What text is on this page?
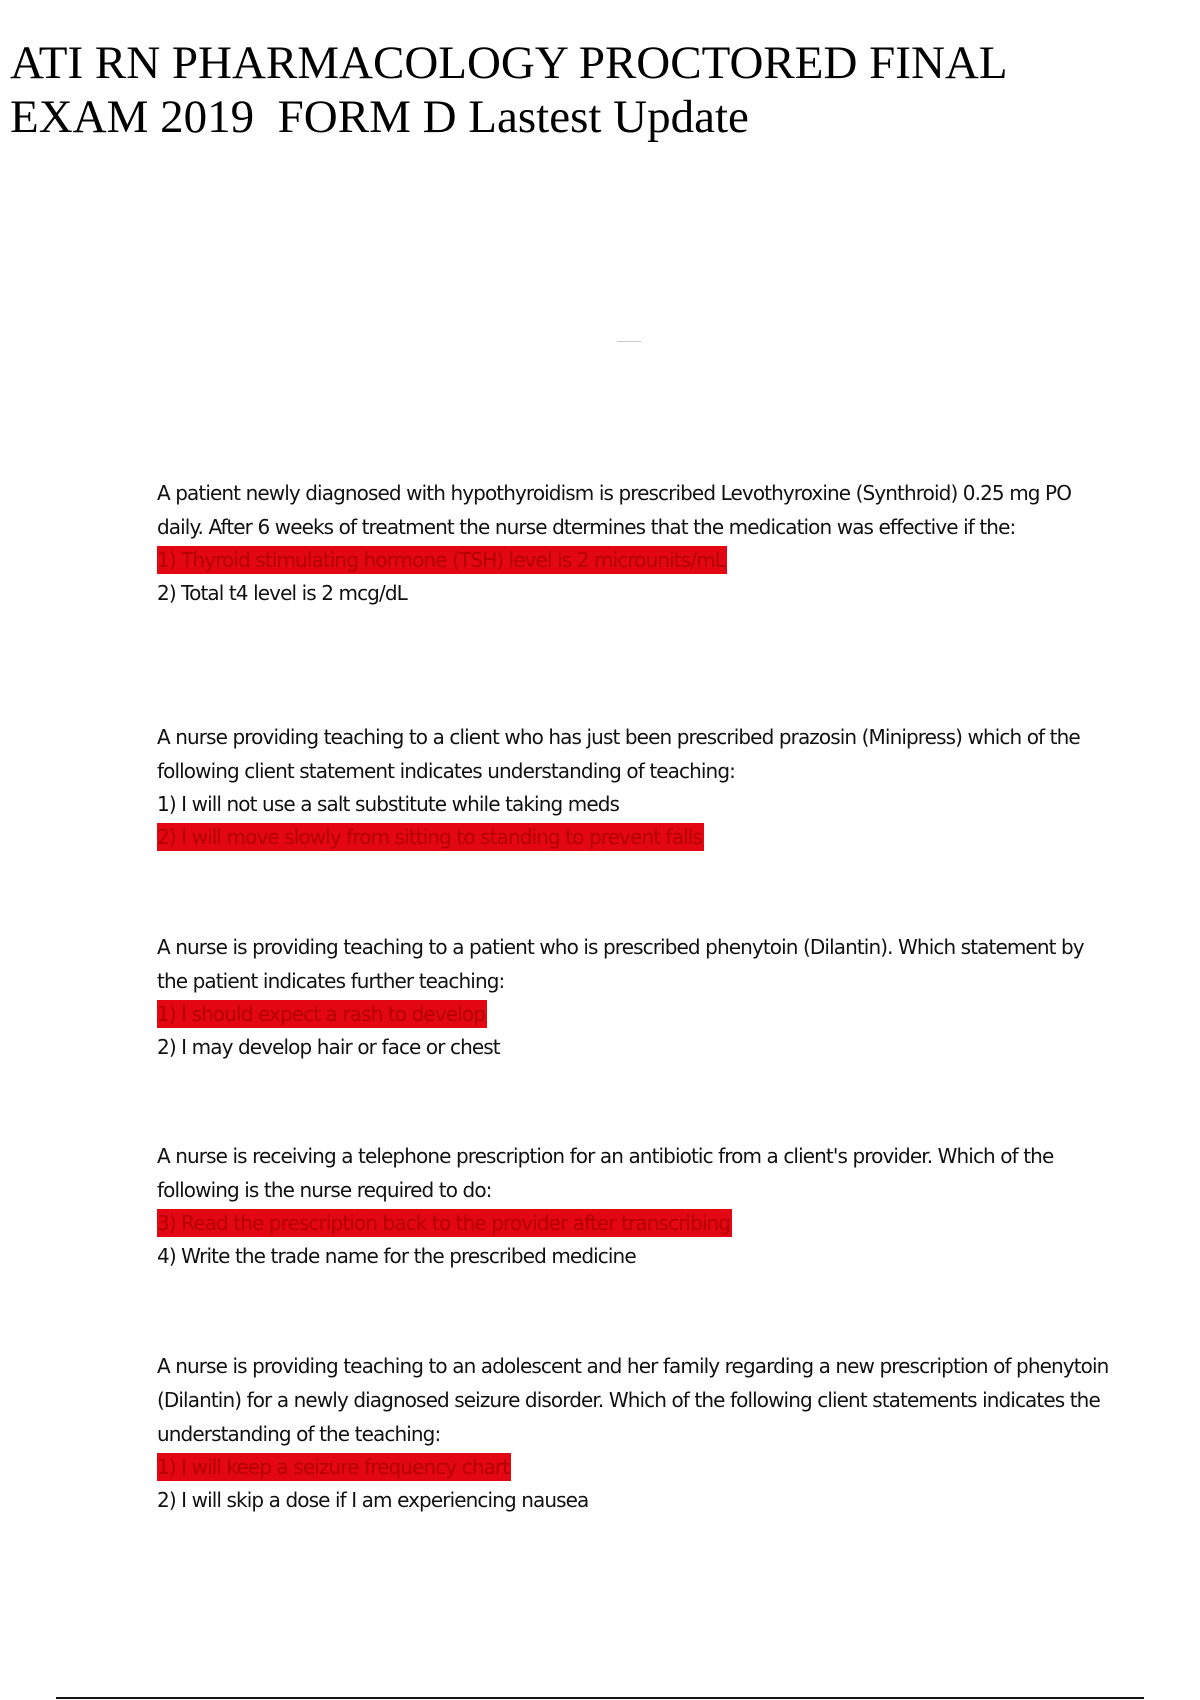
ATI RN PHARMACOLOGY PROCTORED FINAL
EXAM 2019  FORM D Lastest Update

A patient newly diagnosed with hypothyroidism is prescribed Levothyroxine (Synthroid) 0.25 mg PO daily. After 6 weeks of treatment the nurse dtermines that the medication was effective if the:

1) Thyroid stimulating hormone (TSH) level is 2 microunits/mL

2) Total t4 level is 2 mcg/dL

A nurse providing teaching to a client who has just been prescribed prazosin (Minipress) which of the following client statement indicates understanding of teaching:

1) I will not use a salt substitute while taking meds

2) I will move slowly from sitting to standing to prevent falls

A nurse is providing teaching to a patient who is prescribed phenytoin (Dilantin). Which statement by the patient indicates further teaching:

1) I should expect a rash to develop

2) I may develop hair or face or chest

A nurse is receiving a telephone prescription for an antibiotic from a client's provider. Which of the following is the nurse required to do:

3) Read the prescription back to the provider after transcribing

4) Write the trade name for the prescribed medicine

A nurse is providing teaching to an adolescent and her family regarding a new prescription of phenytoin (Dilantin) for a newly diagnosed seizure disorder. Which of the following client statements indicates the understanding of the teaching:

1) I will keep a seizure frequency chart

2) I will skip a dose if I am experiencing nausea
